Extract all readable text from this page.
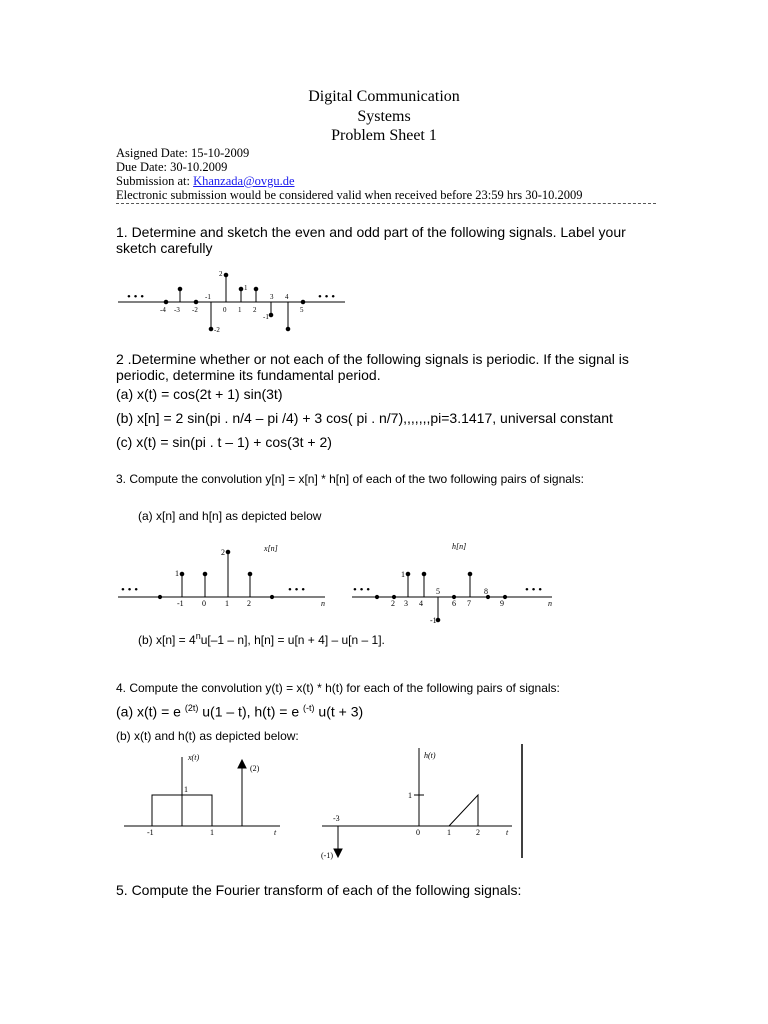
Digital Communication
Systems
Problem Sheet 1
Asigned Date: 15-10-2009
Due Date: 30-10.2009
Submission at: Khanzada@ovgu.de
Electronic submission would be considered valid when received before 23:59 hrs 30-10.2009
1. Determine and sketch the even and odd part of the following signals. Label your
sketch carefully
2 .Determine whether or not each of the following signals is periodic. If the signal is
periodic, determine its fundamental period.
(a) x(t) = cos(2t + 1) sin(3t)
(b) x[n] = 2 sin(pi . n/4 – pi /4) + 3 cos( pi . n/7),,,,,,,pi=3.1417, universal constant
(c) x(t) = sin(pi . t – 1) + cos(3t + 2)
3. Compute the convolution y[n] = x[n] * h[n] of each of the two following pairs of signals:
(a) x[n] and h[n] as depicted below
(b) $x[n] = 4^nu[-1 - n]$, h[n] = u[n + 4] – u[n – 1].
4. Compute the convolution y(t) = x(t) * h(t) for each of the following pairs of signals:
(a) x(t) = e $^{(2t)}$ u(1 – t), h(t) = e $^{(-t)}$ u(t + 3)
(b) x(t) and h(t) as depicted below:
5. Compute the Fourier transform of each of the following signals:
• • •	• • •
-4 -3 -2
-1
0 1 2
3 4
5
2
1
-1
-2
• • •	• • •
x[n]
n
-1 0 1 2
1
2
• • •	• • •
h[n]
n
2 3 4	6 7	9
1
5	8
-1
x(t)
t
-1	1
1
(2)
h(t)
t
0	1	2
1
-3
(-1)
